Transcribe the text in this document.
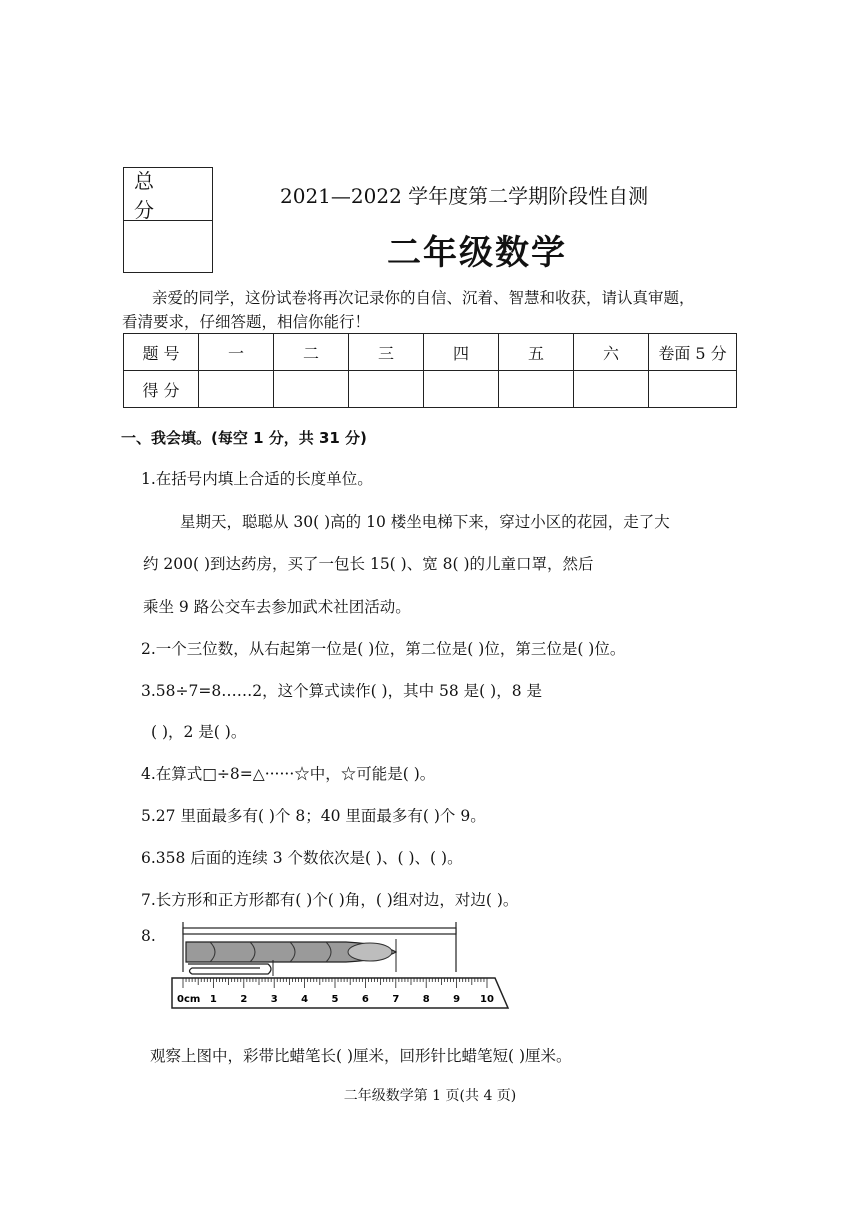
总 分
2021—2022 学年度第二学期阶段性自测
二年级数学
亲爱的同学，这份试卷将再次记录你的自信、沉着、智慧和收获，请认真审题，
看清要求，仔细答题，相信你能行！
题 号	一	二	三	四	五	六	卷面 5 分
得 分							
一、我会填。(每空 1 分，共 31 分)
1.在括号内填上合适的长度单位。
星期天，聪聪从 30( )高的 10 楼坐电梯下来，穿过小区的花园，走了大
约 200( )到达药房，买了一包长 15( )、宽 8( )的儿童口罩，然后
乘坐 9 路公交车去参加武术社团活动。
2.一个三位数，从右起第一位是( )位，第二位是( )位，第三位是( )位。
3.58÷7=8……2，这个算式读作( )，其中 58 是( )，8 是
( )，2 是( )。
4.在算式□÷8=△······☆中，☆可能是( )。
5.27 里面最多有( )个 8；40 里面最多有( )个 9。
6.358 后面的连续 3 个数依次是( )、( )、( )。
7.长方形和正方形都有( )个( )角，( )组对边，对边( )。
8.
0cm 1 2 3 4 5 6 7 8 9 10
观察上图中，彩带比蜡笔长( )厘米，回形针比蜡笔短( )厘米。
二年级数学第 1 页(共 4 页)
